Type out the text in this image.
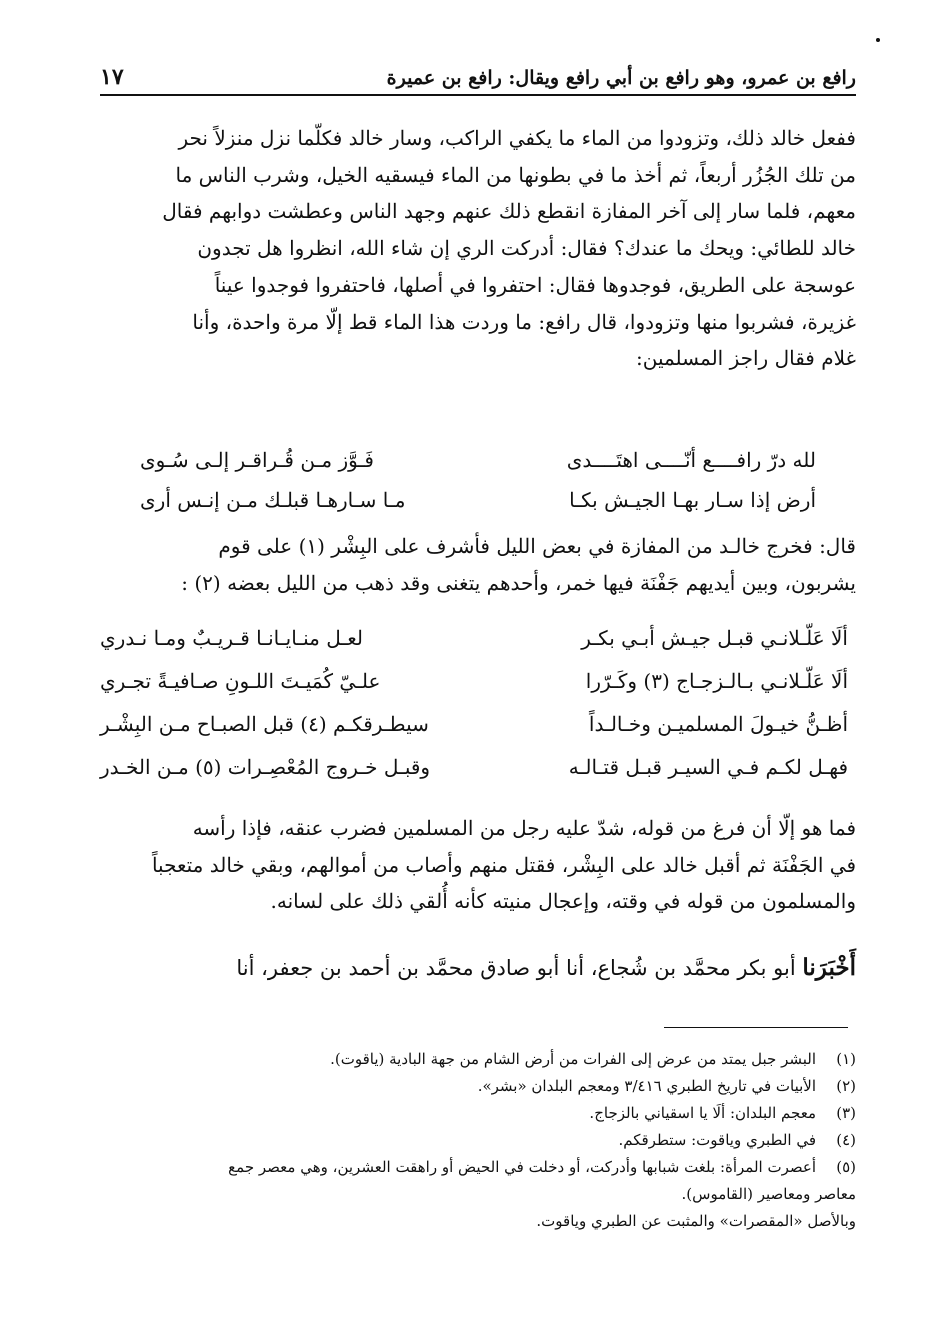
رافع بن عمرو، وهو رافع بن أبي رافع ويقال: رافع بن عميرة
١٧

ففعل خالد ذلك، وتزودوا من الماء ما يكفي الراكب، وسار خالد فكلّما نزل منزلاً نحر

من تلك الجُزُر أربعاً، ثم أخذ ما في بطونها من الماء فيسقيه الخيل، وشرب الناس ما

معهم، فلما سار إلى آخر المفازة انقطع ذلك عنهم وجهد الناس وعطشت دوابهم فقال

خالد للطائي: ويحك ما عندك؟ فقال: أدركت الري إن شاء الله، انظروا هل تجدون

عوسجة على الطريق، فوجدوها فقال: احتفروا في أصلها، فاحتفروا فوجدوا عيناً

غزيرة، فشربوا منها وتزودوا، قال رافع: ما وردت هذا الماء قط إلّا مرة واحدة، وأنا

غلام فقال راجز المسلمين:

لله درّ رافــــع أنّــــى اهتَــــدى
فَـوَّز مـن قُـراقـر إلـى سُـوى
أرض إذا سـار بهـا الجيـش بكـا
مـا سـارهـا قبلـك مـن إنـس أرى

قال: فخرج خالـد من المفازة في بعض الليل فأشرف على البِشْر (١) على قوم

يشربون، وبين أيديهم جَفْنَة فيها خمر، وأحدهم يتغنى وقد ذهب من الليل بعضه (٢) :

ألَا عَلّـلانـي قبـل جيـش أبـي بكـر
لعـل منـايـانـا قـريـبٌ ومـا نـدري
ألَا عَلّـلانـي بـالـزجـاج (٣) وكَـرّرا
علـيّ كُمَيـتَ اللـونِ صـافيـةً تجـري
أظـنُّ خيـولَ المسلميـن وخـالـداً
سيطـرقكـم (٤) قبل الصبـاح مـن البِشْـر
فهـل لكـم فـي السيـر قبـل قتـالـه
وقبـل خـروج المُعْصِـرات (٥) مـن الخـدر

فما هو إلّا أن فرغ من قوله، شدّ عليه رجل من المسلمين فضرب عنقه، فإذا رأسه

في الجَفْنَة ثم أقبل خالد على البِشْر، فقتل منهم وأصاب من أموالهم، وبقي خالد متعجباً

والمسلمون من قوله في وقته، وإعجال منيته كأنه أُلقي ذلك على لسانه.

أَخْبَرَنا أبو بكر محمَّد بن شُجاع، أنا أبو صادق محمَّد بن أحمد بن جعفر، أنا

(١)
البشر جبل يمتد من عرض إلى الفرات من أرض الشام من جهة البادية (ياقوت).
(٢)
الأبيات في تاريخ الطبري ٣/٤١٦ ومعجم البلدان «بشر».
(٣)
معجم البلدان: ألَا يا اسقياني بالزجاج.
(٤)
في الطبري وياقوت: ستطرقكم.
(٥)
أعصرت المرأة: بلغت شبابها وأدركت، أو دخلت في الحيض أو راهقت العشرين، وهي معصر جمع
معاصر ومعاصير (القاموس).
وبالأصل «المقصرات» والمثبت عن الطبري وياقوت.
